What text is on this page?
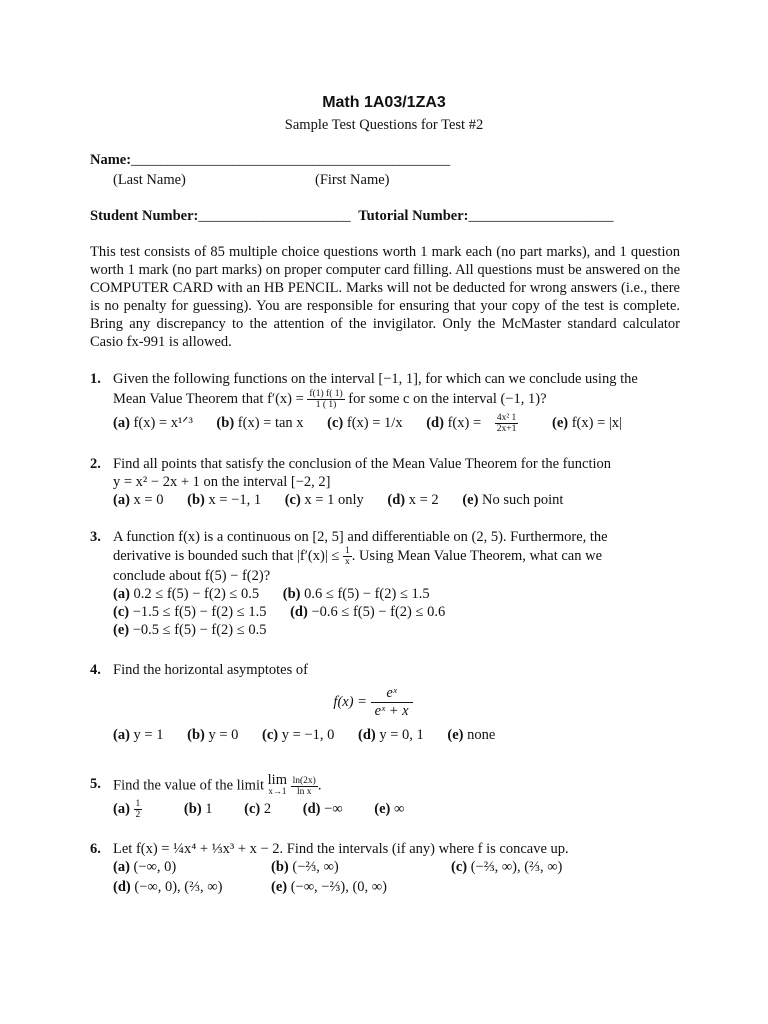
Math 1A03/1ZA3
Sample Test Questions for Test #2
Name:____________________________________________
(Last Name)	(First Name)
Student Number:_____________________ Tutorial Number:____________________
This test consists of 85 multiple choice questions worth 1 mark each (no part marks), and 1 question worth 1 mark (no part marks) on proper computer card filling. All questions must be answered on the COMPUTER CARD with an HB PENCIL. Marks will not be deducted for wrong answers (i.e., there is no penalty for guessing). You are responsible for ensuring that your copy of the test is complete. Bring any discrepancy to the attention of the invigilator. Only the McMaster standard calculator Casio fx-991 is allowed.
1. Given the following functions on the interval [−1, 1], for which can we conclude using the
Mean Value Theorem that $f'(x) = \frac{f(1) f( 1)}{1 ( 1)}$ for some c on the interval (−1, 1)?
(a) f(x) = x¹ᐟ³ (b) f(x) = tan x (c) f(x) = 1/x (d) $f(x) = \frac{\text{4x² 1}}{2x+1} (e) f(x) = |x|$
2. Find all points that satisfy the conclusion of the Mean Value Theorem for the function
y = x² − 2x + 1 on the interval [−2, 2]
(a) x = 0 (b) x = −1, 1 (c) x = 1 only (d) x = 2 (e) No such point
3. A function f(x) is a continuous on [2, 5] and differentiable on (2, 5). Furthermore, the
derivative is bounded such that $|f'(x)| \le \frac{1}{x}$ . Using Mean Value Theorem, what can we
conclude about f(5) − f(2)?
(a) 0.2 ≤ f(5) − f(2) ≤ 0.5 (b) 0.6 ≤ f(5) − f(2) ≤ 1.5
(c) −1.5 ≤ f(5) − f(2) ≤ 1.5 (d) −0.6 ≤ f(5) − f(2) ≤ 0.6
(e) −0.5 ≤ f(5) − f(2) ≤ 0.5
4. Find the horizontal asymptotes of
$f(x) = \frac{\text{eˣ}}{\text{eˣ + x}}$
(a) y = 1 (b) y = 0 (c) y = −1, 0 (d) y = 0, 1 (e) none
5. Find the value of the limit lim
x→1
$\frac{\ln(2x)}{\text{ln x}}$ .
$(a) \frac{1}{2} (b)$ 1 (c) 2 (d) −∞ (e) ∞
6. Let f(x) = ¼x⁴ + ⅓x³ + x − 2. Find the intervals (if any) where f is concave up.
(a) (−∞, 0)	(b) (−⅔, ∞)	(c) (−⅔, ∞), (⅔, ∞)
(d) (−∞, 0), (⅔, ∞)	(e) (−∞, −⅔), (0, ∞)
